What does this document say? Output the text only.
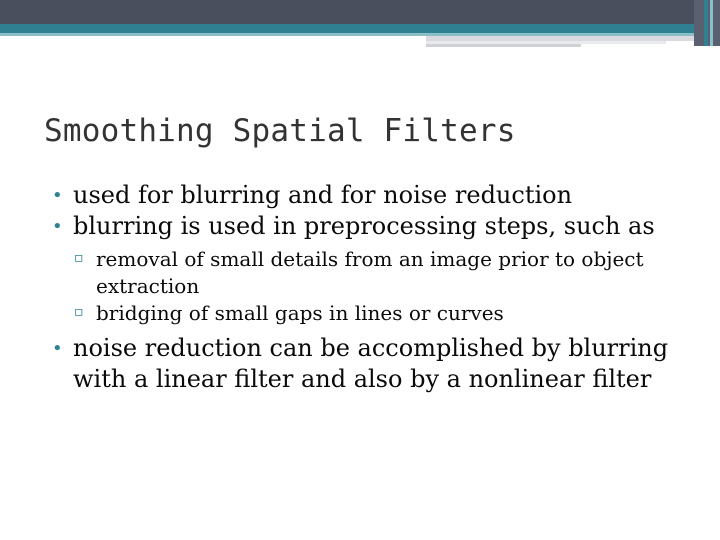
Smoothing Spatial Filters
• used for blurring and for noise reduction
• blurring is used in preprocessing steps, such as
▫ removal of small details from an image prior to object extraction
▫ bridging of small gaps in lines or curves
• noise reduction can be accomplished by blurring with a linear filter and also by a nonlinear filter
